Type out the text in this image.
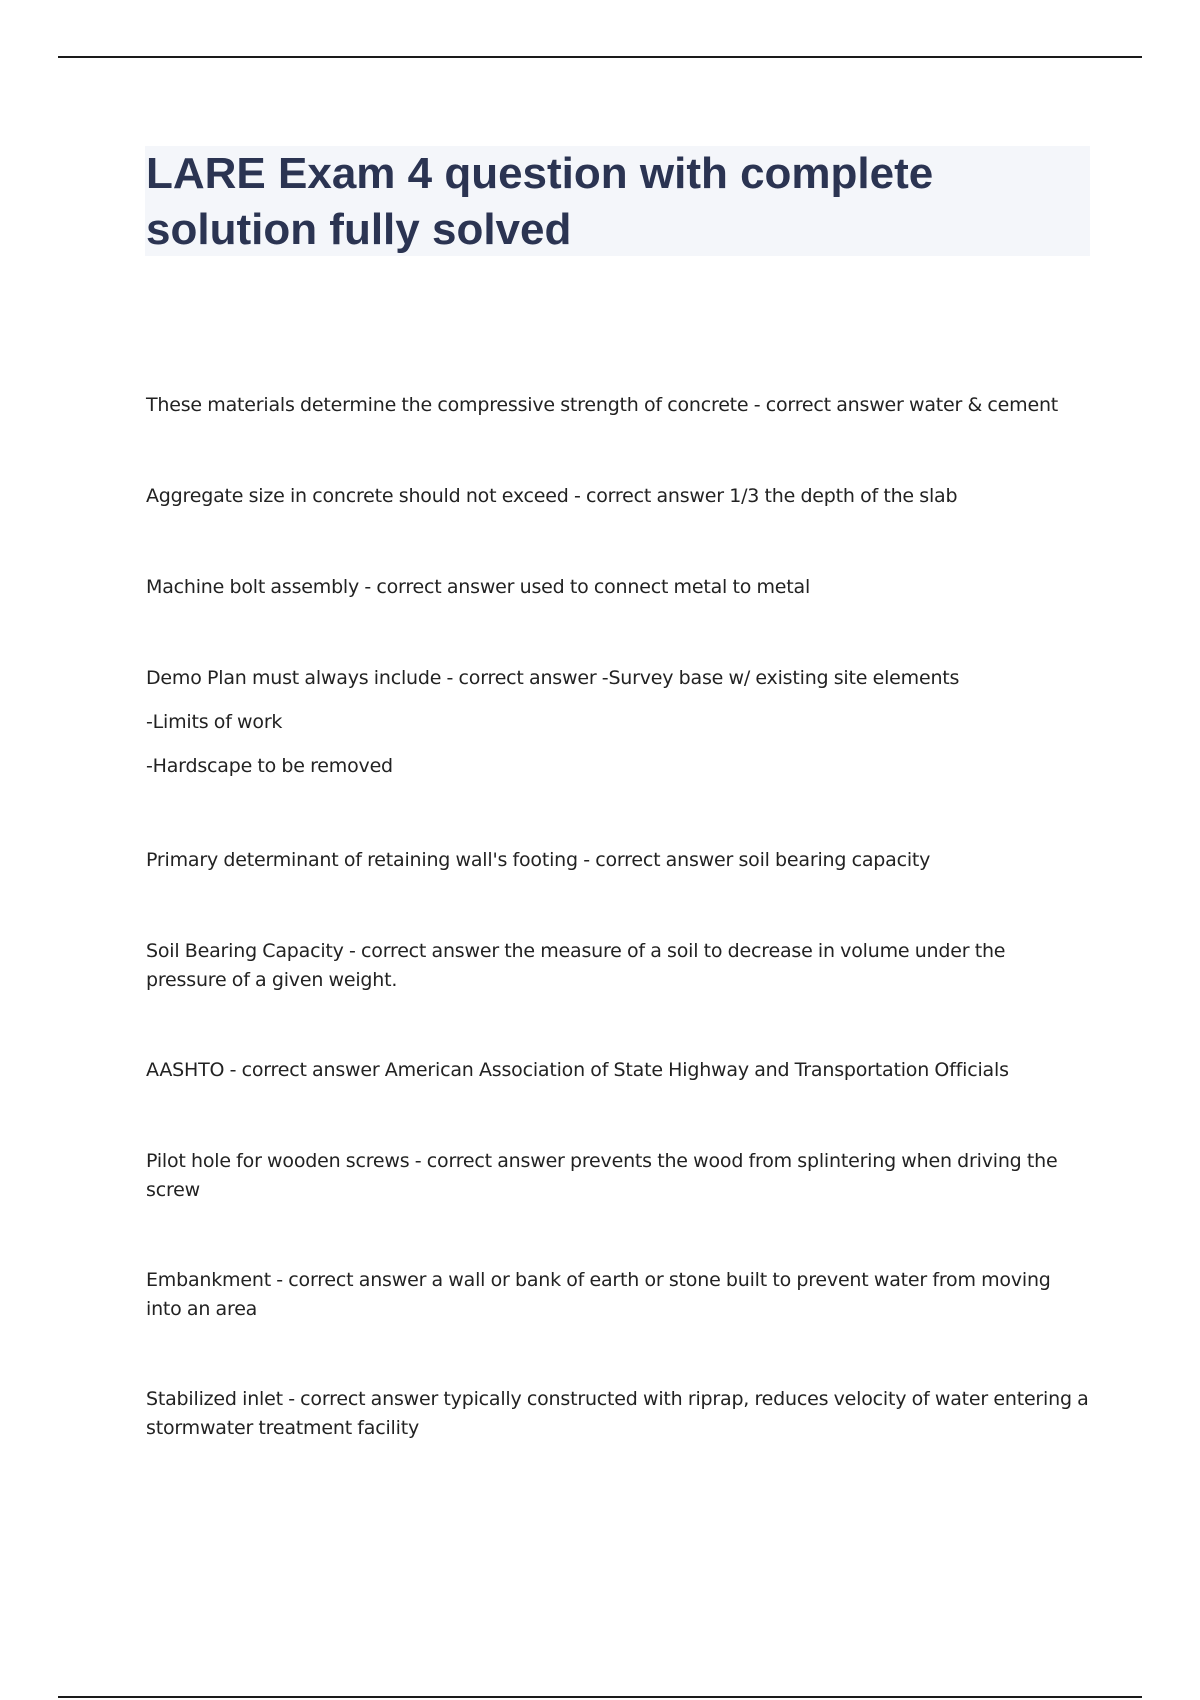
LARE Exam 4 question with complete solution fully solved

These materials determine the compressive strength of concrete - correct answer water & cement

Aggregate size in concrete should not exceed - correct answer 1/3 the depth of the slab

Machine bolt assembly - correct answer used to connect metal to metal

Demo Plan must always include - correct answer -Survey base w/ existing site elements

-Limits of work

-Hardscape to be removed

Primary determinant of retaining wall's footing - correct answer soil bearing capacity

Soil Bearing Capacity - correct answer the measure of a soil to decrease in volume under the pressure of a given weight.

AASHTO - correct answer American Association of State Highway and Transportation Officials

Pilot hole for wooden screws - correct answer prevents the wood from splintering when driving the screw

Embankment - correct answer a wall or bank of earth or stone built to prevent water from moving into an area

Stabilized inlet - correct answer typically constructed with riprap, reduces velocity of water entering a stormwater treatment facility
